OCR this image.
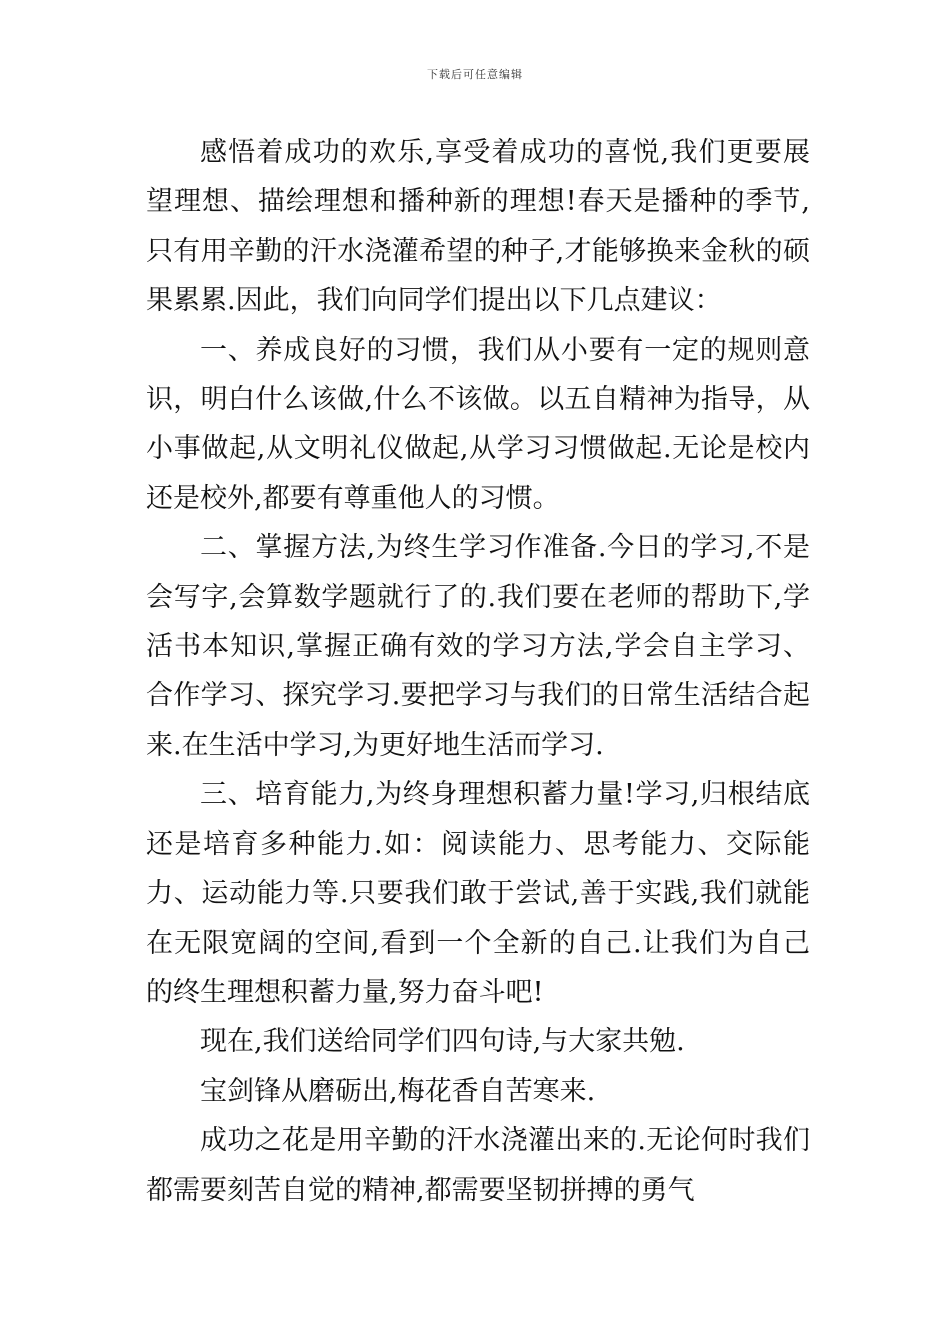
下载后可任意编辑

感悟着成功的欢乐,享受着成功的喜悦,我们更要展望理想、描绘理想和播种新的理想!春天是播种的季节,只有用辛勤的汗水浇灌希望的种子,才能够换来金秋的硕果累累.因此，我们向同学们提出以下几点建议：

一、养成良好的习惯，我们从小要有一定的规则意识，明白什么该做,什么不该做。以五自精神为指导，从小事做起,从文明礼仪做起,从学习习惯做起.无论是校内还是校外,都要有尊重他人的习惯。

二、掌握方法,为终生学习作准备.今日的学习,不是会写字,会算数学题就行了的.我们要在老师的帮助下,学活书本知识,掌握正确有效的学习方法,学会自主学习、合作学习、探究学习.要把学习与我们的日常生活结合起来.在生活中学习,为更好地生活而学习.

三、培育能力,为终身理想积蓄力量!学习,归根结底还是培育多种能力.如：阅读能力、思考能力、交际能力、运动能力等.只要我们敢于尝试,善于实践,我们就能在无限宽阔的空间,看到一个全新的自己.让我们为自己的终生理想积蓄力量,努力奋斗吧!

现在,我们送给同学们四句诗,与大家共勉.

宝剑锋从磨砺出,梅花香自苦寒来.

成功之花是用辛勤的汗水浇灌出来的.无论何时我们都需要刻苦自觉的精神,都需要坚韧拼搏的勇气
